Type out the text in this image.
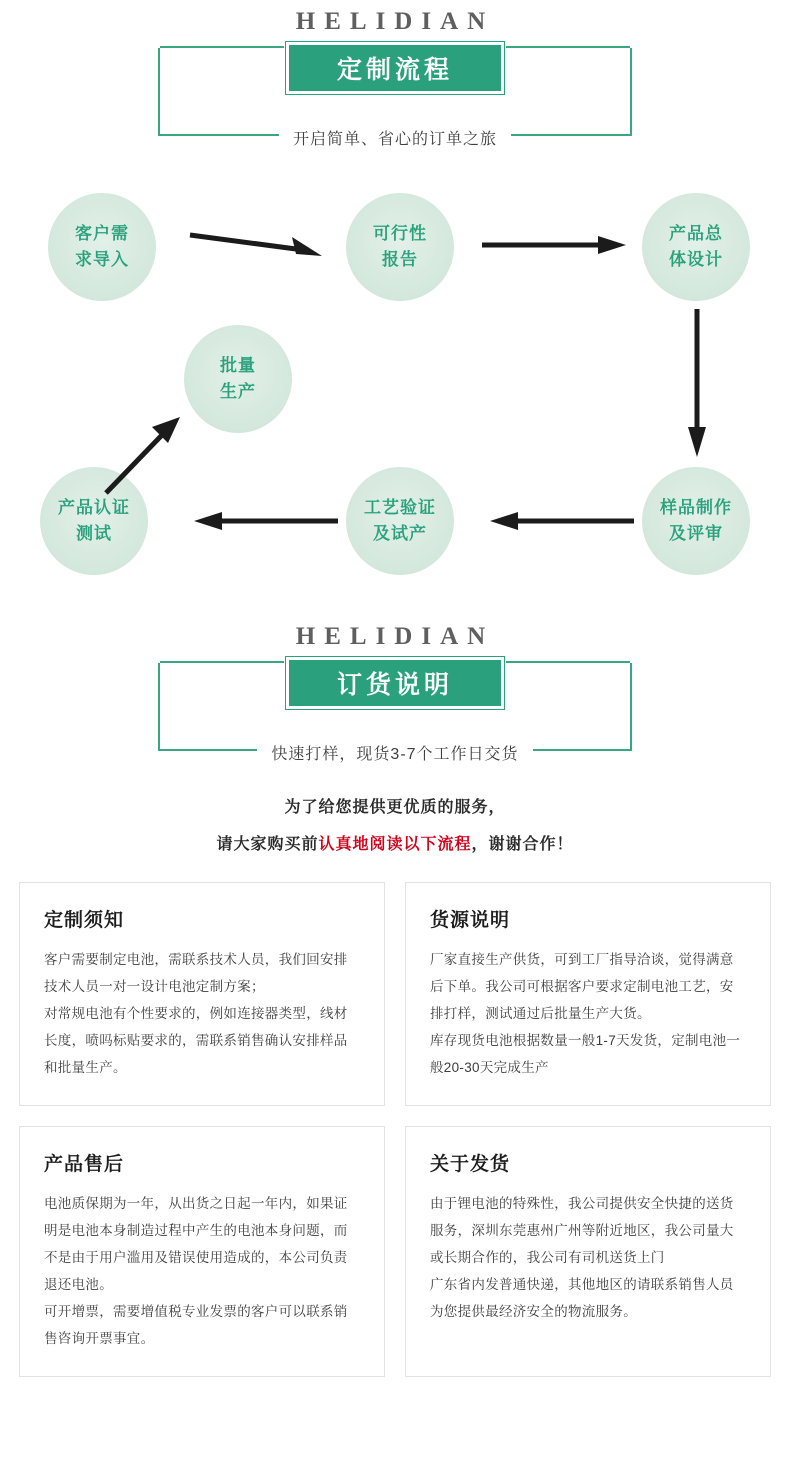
HELIDIAN
定制流程
开启简单、省心的订单之旅
客户需
求导入
可行性
报告
产品总
体设计
样品制作
及评审
工艺验证
及试产
产品认证
测试
批量
生产
HELIDIAN
订货说明
快速打样，现货3-7个工作日交货
为了给您提供更优质的服务，
请大家购买前认真地阅读以下流程，谢谢合作！
定制须知

客户需要制定电池，需联系技术人员，我们回安排技术人员一对一设计电池定制方案；

对常规电池有个性要求的，例如连接器类型，线材长度，喷吗标贴要求的，需联系销售确认安排样品和批量生产。

货源说明

厂家直接生产供货，可到工厂指导洽谈，觉得满意后下单。我公司可根据客户要求定制电池工艺，安排打样，测试通过后批量生产大货。

库存现货电池根据数量一般1-7天发货，定制电池一般20-30天完成生产

产品售后

电池质保期为一年，从出货之日起一年内，如果证明是电池本身制造过程中产生的电池本身问题，而不是由于用户滥用及错误使用造成的，本公司负责退还电池。

可开增票，需要增值税专业发票的客户可以联系销售咨询开票事宜。

关于发货

由于锂电池的特殊性，我公司提供安全快捷的送货服务，深圳东莞惠州广州等附近地区，我公司量大或长期合作的，我公司有司机送货上门

广东省内发普通快递，其他地区的请联系销售人员为您提供最经济安全的物流服务。
